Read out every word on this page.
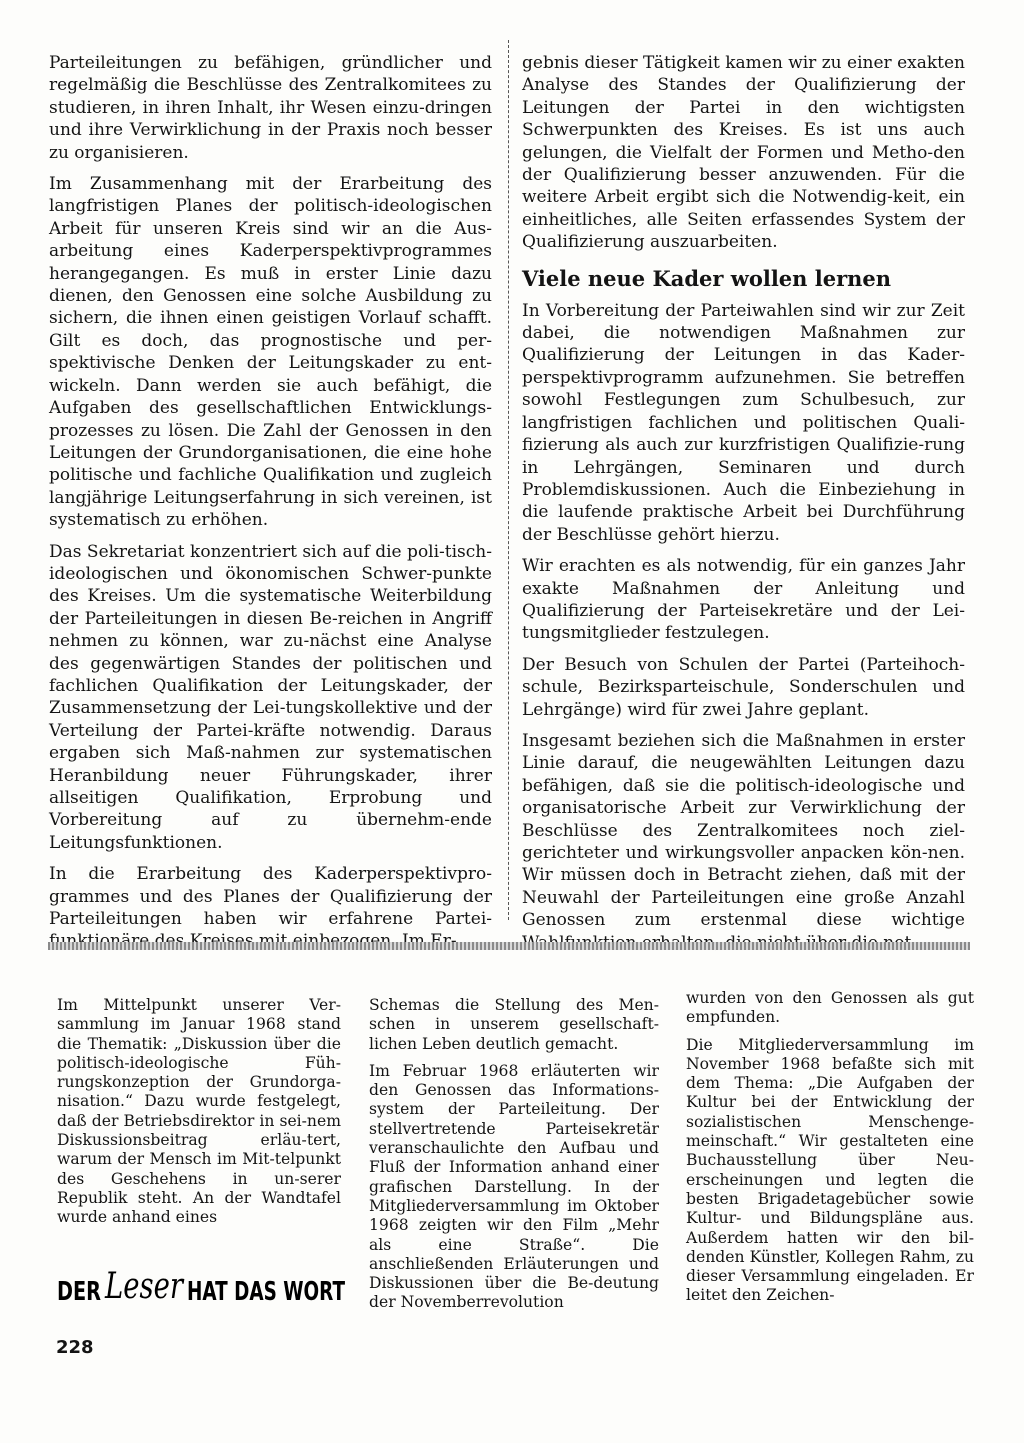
Parteileitungen zu befähigen, gründlicher und regelmäßig die Beschlüsse des Zentralkomitees zu studieren, in ihren Inhalt, ihr Wesen einzu-dringen und ihre Verwirklichung in der Praxis noch besser zu organisieren.

Im Zusammenhang mit der Erarbeitung des langfristigen Planes der politisch-ideologischen Arbeit für unseren Kreis sind wir an die Aus-arbeitung eines Kaderperspektivprogrammes herangegangen. Es muß in erster Linie dazu dienen, den Genossen eine solche Ausbildung zu sichern, die ihnen einen geistigen Vorlauf schafft. Gilt es doch, das prognostische und per-spektivische Denken der Leitungskader zu ent-wickeln. Dann werden sie auch befähigt, die Aufgaben des gesellschaftlichen Entwicklungs-prozesses zu lösen. Die Zahl der Genossen in den Leitungen der Grundorganisationen, die eine hohe politische und fachliche Qualifikation und zugleich langjährige Leitungserfahrung in sich vereinen, ist systematisch zu erhöhen.

Das Sekretariat konzentriert sich auf die poli-tisch-ideologischen und ökonomischen Schwer-punkte des Kreises. Um die systematische Weiterbildung der Parteileitungen in diesen Be-reichen in Angriff nehmen zu können, war zu-nächst eine Analyse des gegenwärtigen Standes der politischen und fachlichen Qualifikation der Leitungskader, der Zusammensetzung der Lei-tungskollektive und der Verteilung der Partei-kräfte notwendig. Daraus ergaben sich Maß-nahmen zur systematischen Heranbildung neuer Führungskader, ihrer allseitigen Qualifikation, Erprobung und Vorbereitung auf zu übernehm-ende Leitungsfunktionen.

In die Erarbeitung des Kaderperspektivpro-grammes und des Planes der Qualifizierung der Parteileitungen haben wir erfahrene Partei-

gebnis dieser Tätigkeit kamen wir zu einer exakten Analyse des Standes der Qualifizierung der Leitungen der Partei in den wichtigsten Schwerpunkten des Kreises. Es ist uns auch gelungen, die Vielfalt der Formen und Metho-den der Qualifizierung besser anzuwenden. Für die weitere Arbeit ergibt sich die Notwendig-keit, ein einheitliches, alle Seiten erfassendes System der Qualifizierung auszuarbeiten.

Viele neue Kader wollen lernen

In Vorbereitung der Parteiwahlen sind wir zur Zeit dabei, die notwendigen Maßnahmen zur Qualifizierung der Leitungen in das Kader-perspektivprogramm aufzunehmen. Sie betreffen sowohl Festlegungen zum Schulbesuch, zur langfristigen fachlichen und politischen Quali-fizierung als auch zur kurzfristigen Qualifizie-rung in Lehrgängen, Seminaren und durch Problemdiskussionen. Auch die Einbeziehung in die laufende praktische Arbeit bei Durchführung der Beschlüsse gehört hierzu.

Wir erachten es als notwendig, für ein ganzes Jahr exakte Maßnahmen der Anleitung und Qualifizierung der Parteisekretäre und der Lei-tungsmitglieder festzulegen.

Der Besuch von Schulen der Partei (Parteihoch-schule, Bezirksparteischule, Sonderschulen und Lehrgänge) wird für zwei Jahre geplant.

Insgesamt beziehen sich die Maßnahmen in erster Linie darauf, die neugewählten Leitungen dazu befähigen, daß sie die politisch-ideologische und organisatorische Arbeit zur Verwirklichung der Beschlüsse des Zentralkomitees noch ziel-gerichteter und wirkungsvoller anpacken kön-nen. Wir müssen doch in Betracht ziehen, daß mit der Neuwahl der Parteileitungen eine große Anzahl Genossen zum erstenmal diese wichtige

Im Mittelpunkt unserer Ver-sammlung im Januar 1968 stand die Thematik: „Diskussion über die politisch-ideologische Füh-rungskonzeption der Grundorga-nisation.“ Dazu wurde festgelegt, daß der Betriebsdirektor in sei-nem Diskussionsbeitrag erläu-tert, warum der Mensch im Mit-telpunkt des Geschehens in un-serer Republik steht. An der Wandtafel wurde anhand eines

DER Leser HAT DAS WORT

Schemas die Stellung des Men-schen in unserem gesellschaft-lichen Leben deutlich gemacht.

Im Februar 1968 erläuterten wir den Genossen das Informations-system der Parteileitung. Der stellvertretende Parteisekretär veranschaulichte den Aufbau und Fluß der Information anhand einer grafischen Darstellung. In der Mitgliederversammlung im Oktober 1968 zeigten wir den Film „Mehr als eine Straße“. Die anschließenden Erläuterungen und Diskussionen über die Be-deutung der Novemberrevolution

wurden von den Genossen als gut empfunden.

Die Mitgliederversammlung im November 1968 befaßte sich mit dem Thema: „Die Aufgaben der Kultur bei der Entwicklung der sozialistischen Menschenge-meinschaft.“ Wir gestalteten eine Buchausstellung über Neu-erscheinungen und legten die besten Brigadetagebücher sowie Kultur- und Bildungspläne aus. Außerdem hatten wir den bil-denden Künstler, Kollegen Rahm, zu dieser Versammlung eingeladen. Er leitet den Zeichen-

228
